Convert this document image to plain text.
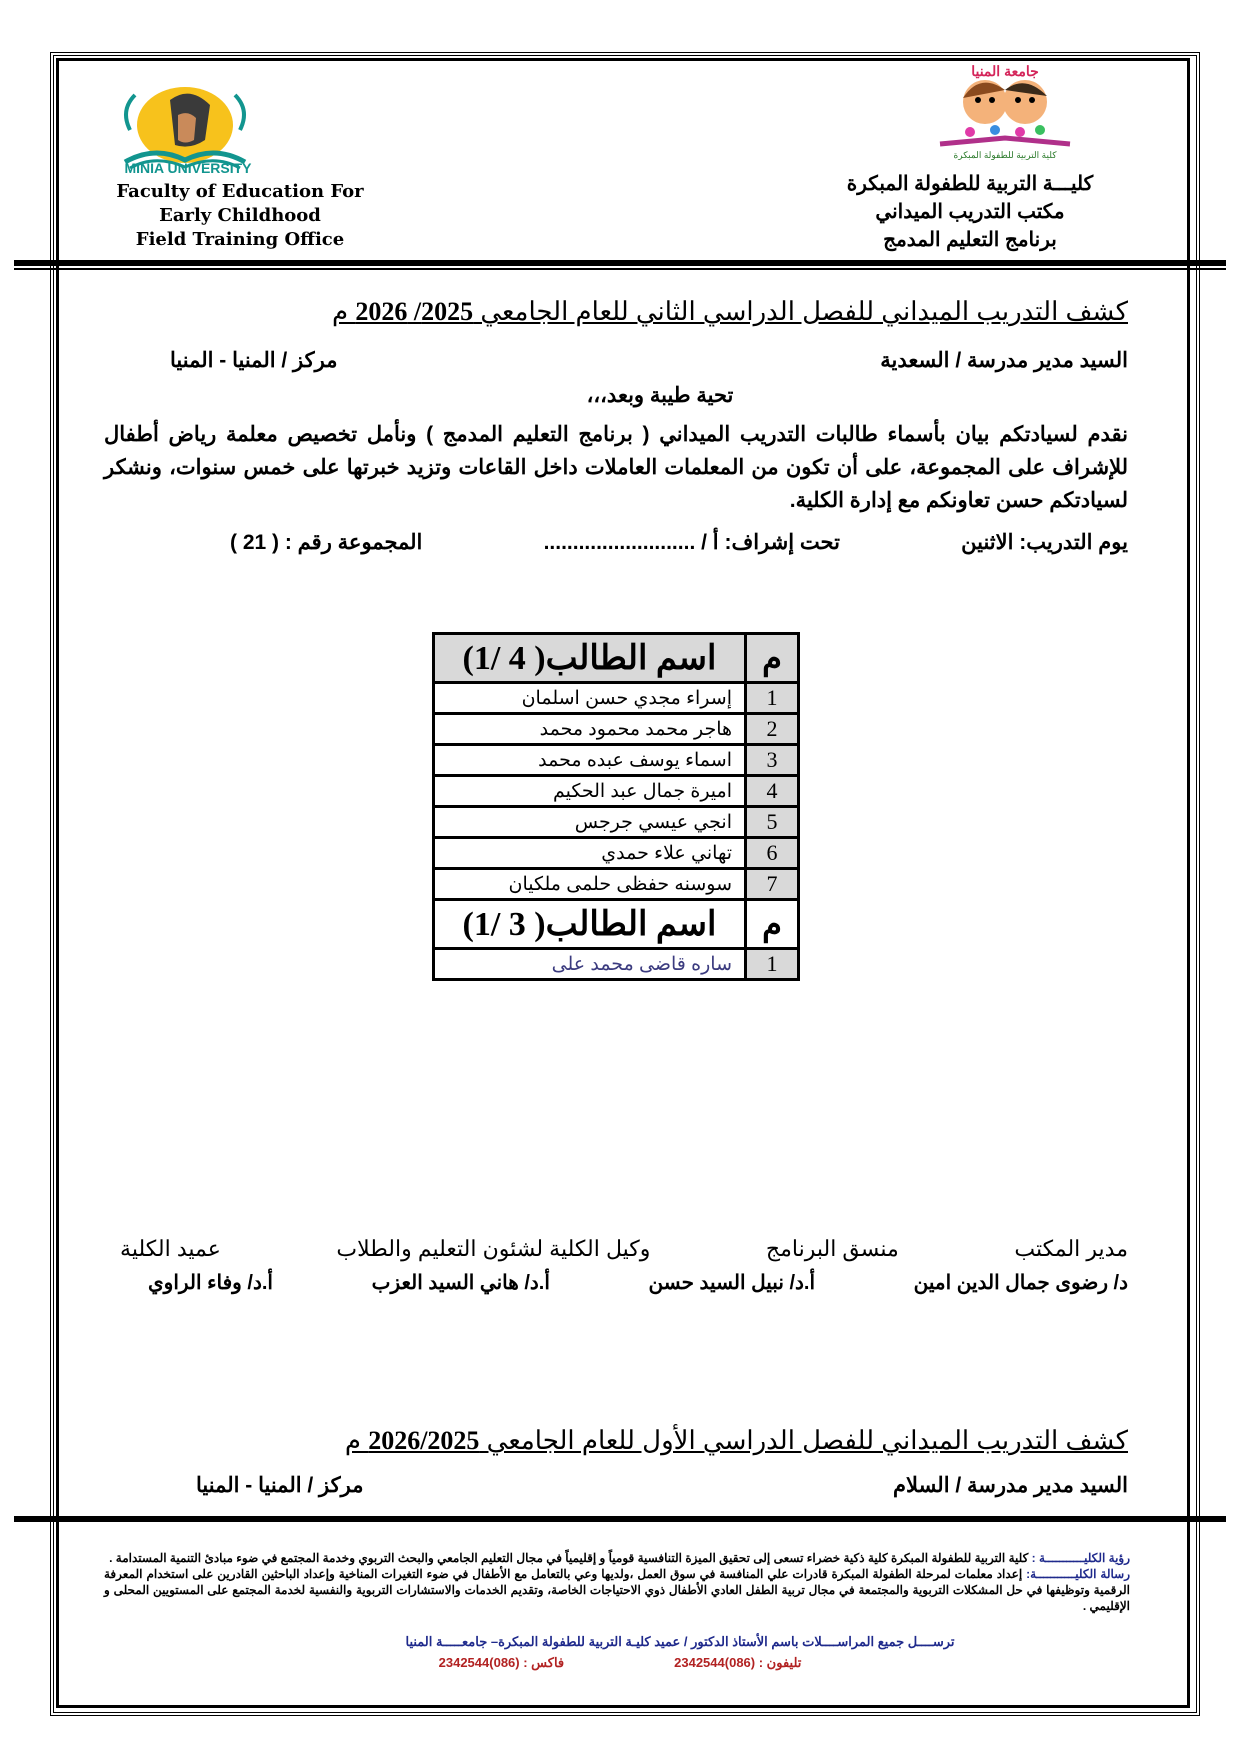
MINIA UNIVERSITY
Faculty of Education For
Early Childhood
Field Training Office
جامعة المنيا
كلية التربية للطفولة المبكرة
كليـــة التربية للطفولة المبكرة
مكتب التدريب الميداني
برنامج التعليم المدمج
كشف التدريب الميداني للفصل الدراسي الثاني للعام الجامعي 2025/ 2026 م
السيد مدير مدرسة / السعدية
مركز / المنيا - المنيا
تحية طيبة وبعد،،،
نقدم لسيادتكم بيان بأسماء طالبات التدريب الميداني ( برنامج التعليم المدمج ) ونأمل تخصيص معلمة رياض أطفال للإشراف على المجموعة، على أن تكون من المعلمات العاملات داخل القاعات وتزيد خبرتها على خمس سنوات، ونشكر لسيادتكم حسن تعاونكم مع إدارة الكلية.
يوم التدريب: الاثنين
تحت إشراف: أ / ..........................
المجموعة رقم : ( 21 )
م	اسم الطالب( 4 /1)
1	إسراء مجدي حسن اسلمان
2	هاجر محمد محمود محمد
3	اسماء يوسف عبده محمد
4	اميرة جمال عبد الحكيم
5	انجي عيسي جرجس
6	تهاني علاء حمدي
7	سوسنه حفظى حلمى ملكيان
م	اسم الطالب( 3 /1)
1	ساره قاضى محمد على
مدير المكتب
منسق البرنامج
وكيل الكلية لشئون التعليم والطلاب
عميد الكلية
د/ رضوى جمال الدين امين
أ.د/ نبيل السيد حسن
أ.د/ هاني السيد العزب
أ.د/ وفاء الراوي
كشف التدريب الميداني للفصل الدراسي الأول للعام الجامعي 2026/2025 م
السيد مدير مدرسة / السلام
مركز / المنيا - المنيا
رؤية الكليـــــــــــة : كلية التربية للطفولة المبكرة كلية ذكية خضراء تسعى إلى تحقيق الميزة التنافسية قومياً و إقليمياً في مجال التعليم الجامعي والبحث التربوي وخدمة المجتمع في ضوء مبادئ التنمية المستدامة .
رسالة الكليـــــــــــة: إعداد معلمات لمرحلة الطفولة المبكرة قادرات علي المنافسة في سوق العمل ،ولديها وعي بالتعامل مع الأطفال في ضوء التغيرات المناخية وإعداد الباحثين القادرين على استخدام المعرفة الرقمية وتوظيفها في حل المشكلات التربوية والمجتمعة في مجال تربية الطفل العادي الأطفال ذوي الاحتياجات الخاصة، وتقديم الخدمات والاستشارات التربوية والنفسية لخدمة المجتمع على المستويين المحلى و الإقليمي .
ترســــل جميع المراســــلات باسم الأستاذ الدكتور / عميد كليـة التربية للطفولة المبكرة– جامعـــــة المنيا
تليفون : (086)2342544
فاكس : (086)2342544
